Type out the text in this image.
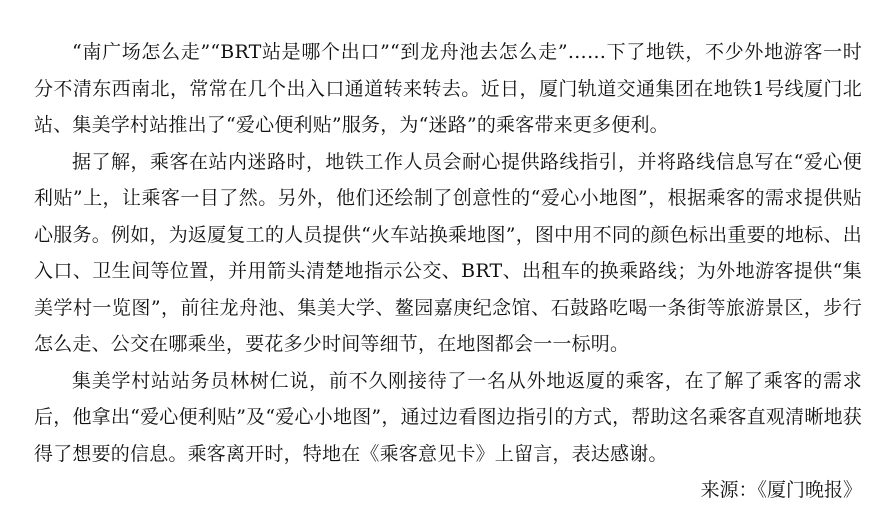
“南广场怎么走”“BRT站是哪个出口”“到龙舟池去怎么走”……下了地铁，不少外地游客一时分不清东西南北，常常在几个出入口通道转来转去。近日，厦门轨道交通集团在地铁1号线厦门北站、集美学村站推出了“爱心便利贴”服务，为“迷路”的乘客带来更多便利。

据了解，乘客在站内迷路时，地铁工作人员会耐心提供路线指引，并将路线信息写在“爱心便利贴”上，让乘客一目了然。另外，他们还绘制了创意性的“爱心小地图”，根据乘客的需求提供贴心服务。例如，为返厦复工的人员提供“火车站换乘地图”，图中用不同的颜色标出重要的地标、出入口、卫生间等位置，并用箭头清楚地指示公交、BRT、出租车的换乘路线；为外地游客提供“集美学村一览图”，前往龙舟池、集美大学、鳌园嘉庚纪念馆、石鼓路吃喝一条街等旅游景区，步行怎么走、公交在哪乘坐，要花多少时间等细节，在地图都会一一标明。

集美学村站站务员林树仁说，前不久刚接待了一名从外地返厦的乘客，在了解了乘客的需求后，他拿出“爱心便利贴”及“爱心小地图”，通过边看图边指引的方式，帮助这名乘客直观清晰地获得了想要的信息。乘客离开时，特地在《乘客意见卡》上留言，表达感谢。

来源：《厦门晚报》
